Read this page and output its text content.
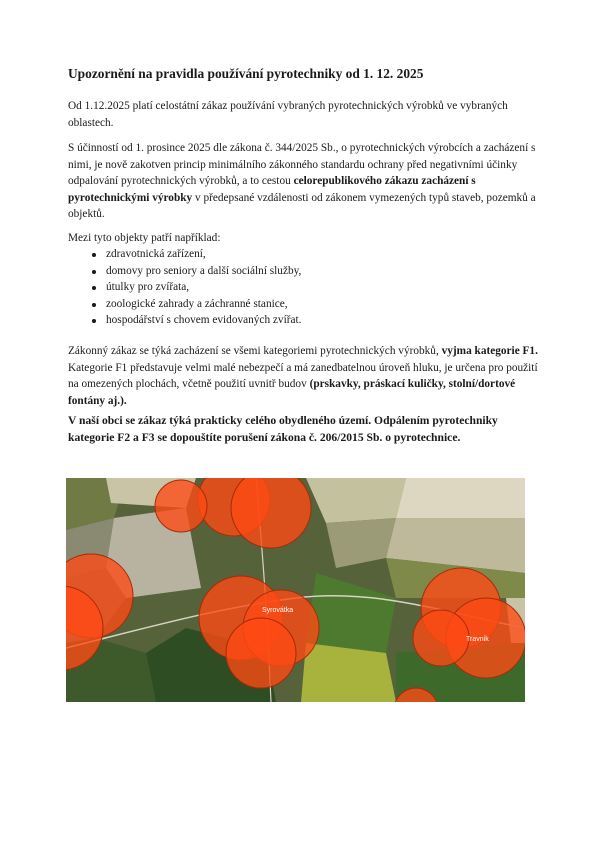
Upozornění na pravidla používání pyrotechniky od 1. 12. 2025

Od 1.12.2025 platí celostátní zákaz používání vybraných pyrotechnických výrobků ve vybraných oblastech.

S účinností od 1. prosince 2025 dle zákona č. 344/2025 Sb., o pyrotechnických výrobcích a zacházení s nimi, je nově zakotven princip minimálního zákonného standardu ochrany před negativními účinky odpalování pyrotechnických výrobků, a to cestou celorepublikového zákazu zacházení s pyrotechnickými výrobky v předepsané vzdálenosti od zákonem vymezených typů staveb, pozemků a objektů.

Mezi tyto objekty patří například:

zdravotnická zařízení,
domovy pro seniory a další sociální služby,
útulky pro zvířata,
zoologické zahrady a záchranné stanice,
hospodářství s chovem evidovaných zvířat.

Zákonný zákaz se týká zacházení se všemi kategoriemi pyrotechnických výrobků, vyjma kategorie F1. Kategorie F1 představuje velmi malé nebezpečí a má zanedbatelnou úroveň hluku, je určena pro použití na omezených plochách, včetně použití uvnitř budov (prskavky, práskací kuličky, stolní/dortové fontány aj.).

V naší obci se zákaz týká prakticky celého obydleného území. Odpálením pyrotechniky kategorie F2 a F3 se dopouštíte porušení zákona č. 206/2015 Sb. o pyrotechnice.

Syrovátka
Travnik
